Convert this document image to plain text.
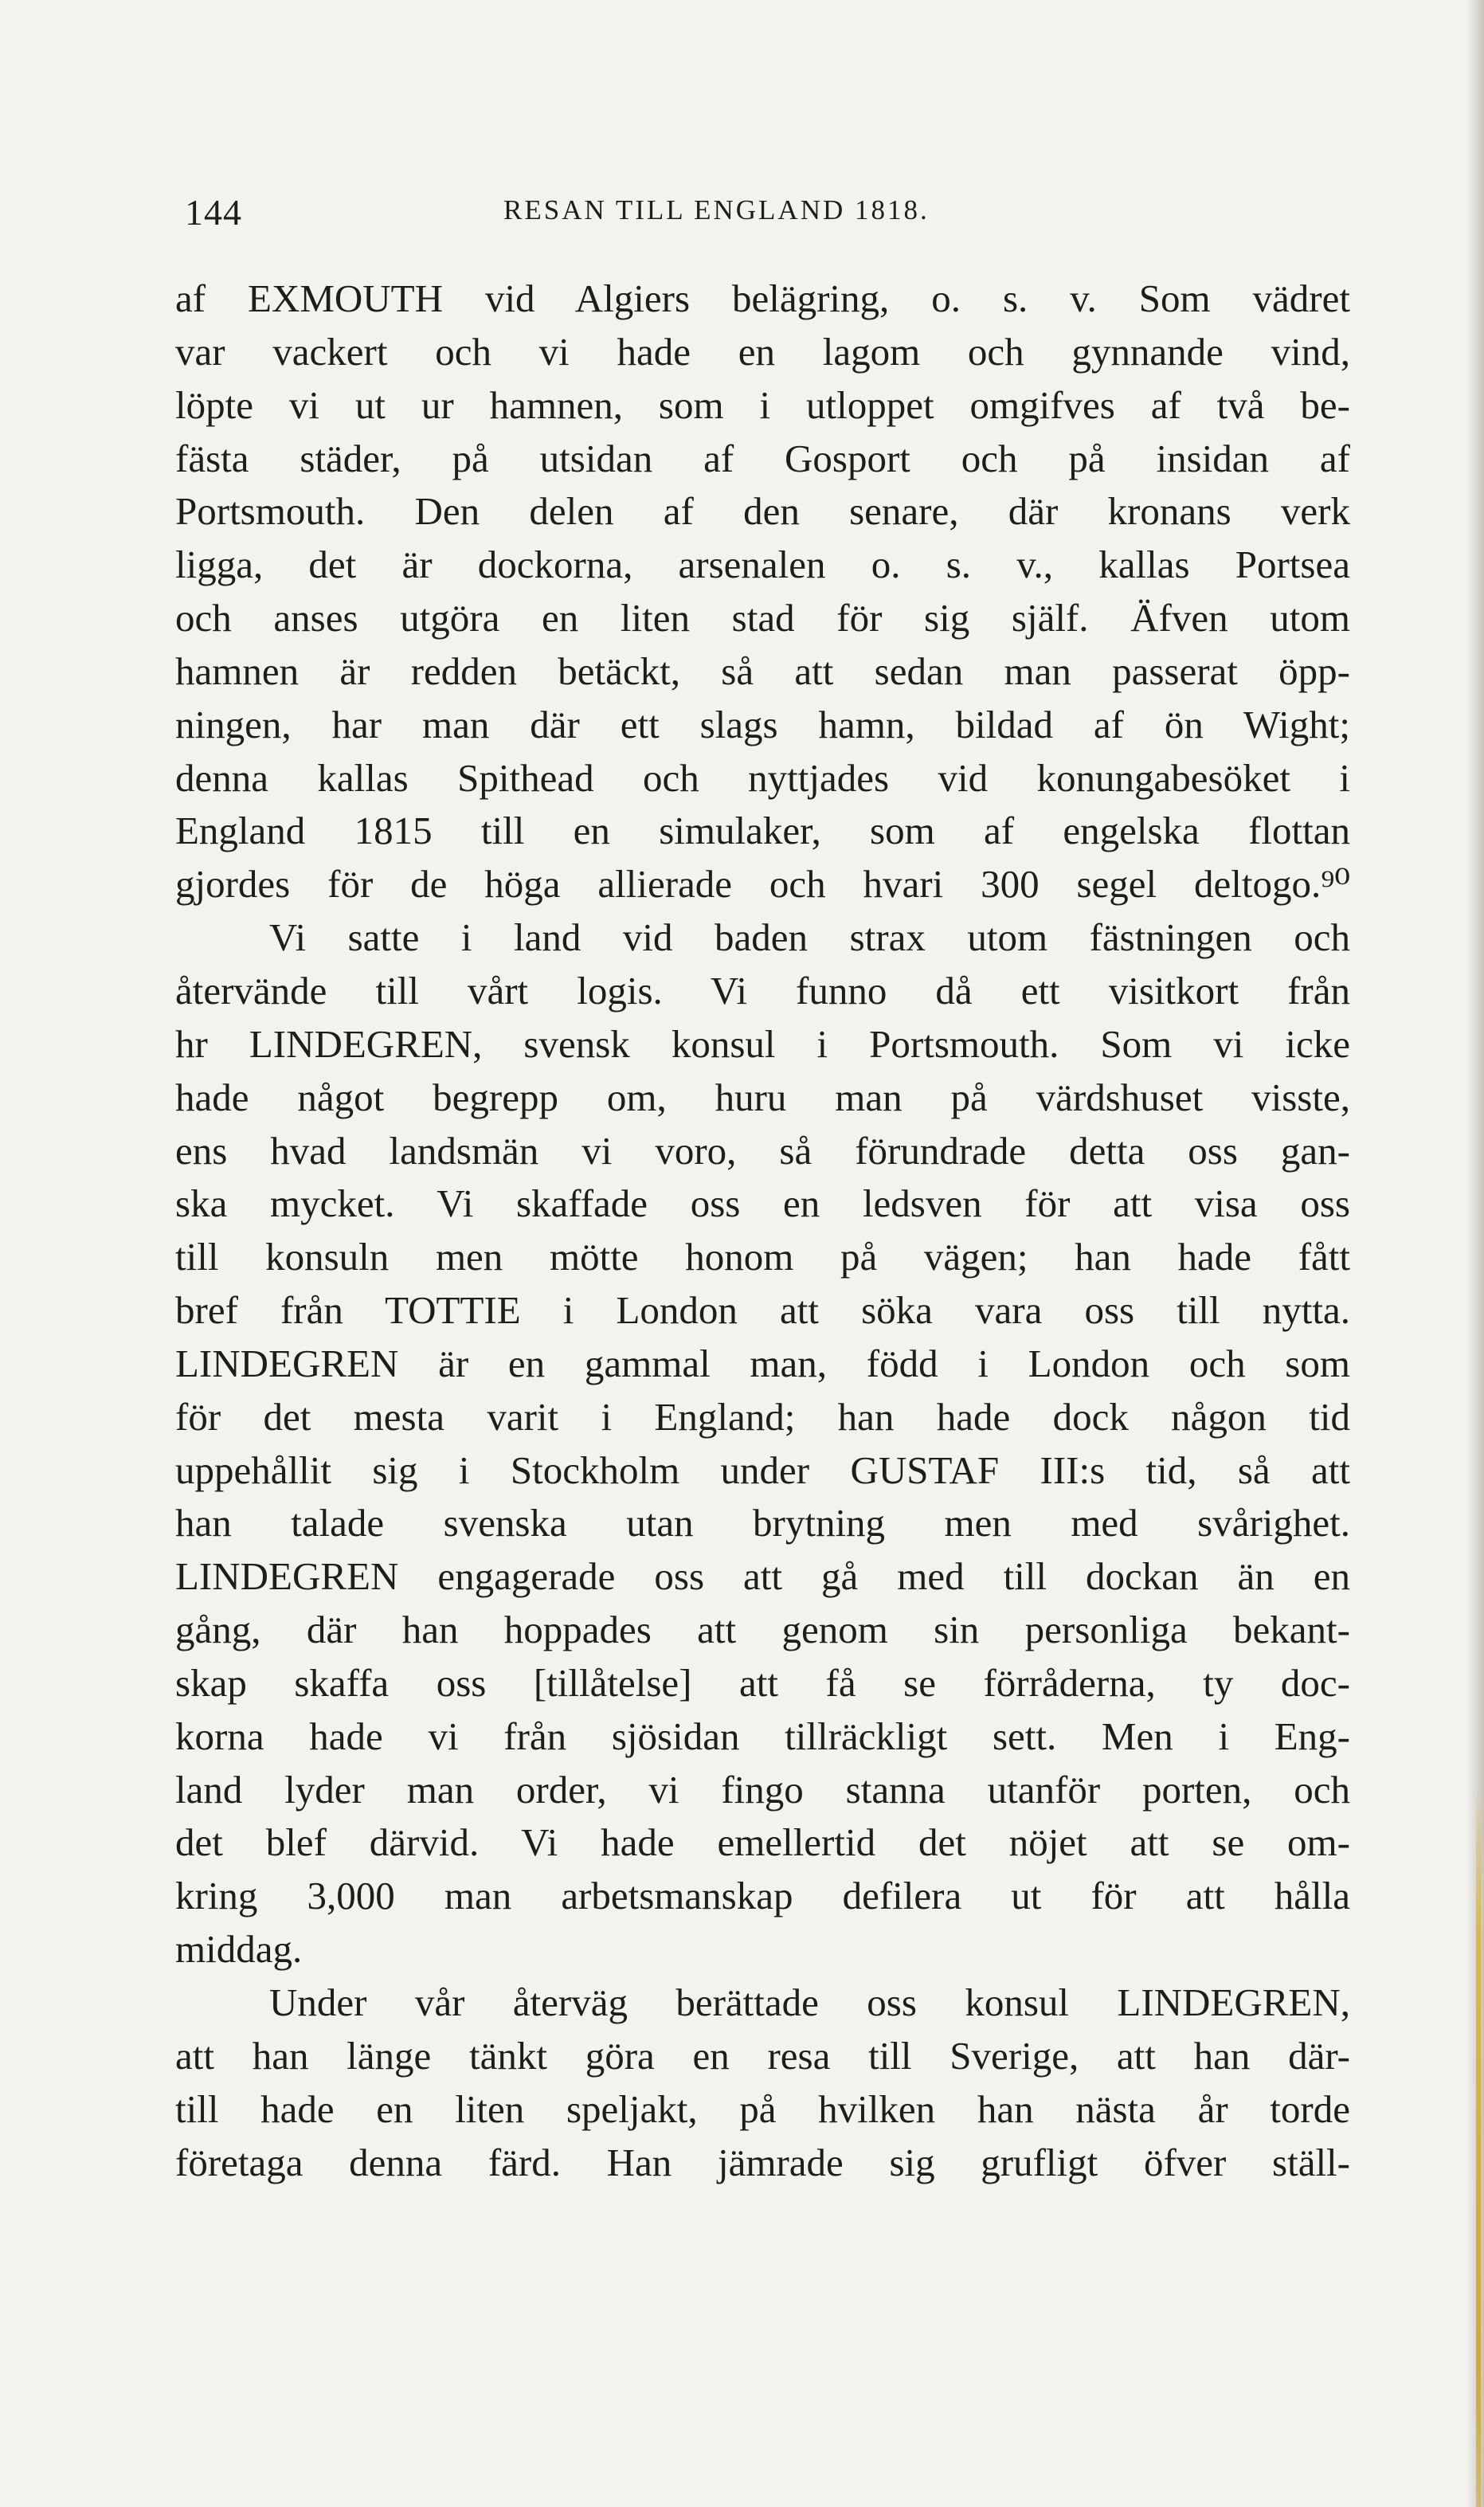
144	RESAN TILL ENGLAND 1818.
af EXMOUTH vid Algiers belägring, o. s. v. Som vädret
var vackert och vi hade en lagom och gynnande vind,
löpte vi ut ur hamnen, som i utloppet omgifves af två be-
fästa städer, på utsidan af Gosport och på insidan af
Portsmouth. Den delen af den senare, där kronans verk
ligga, det är dockorna, arsenalen o. s. v., kallas Portsea
och anses utgöra en liten stad för sig själf. Äfven utom
hamnen är redden betäckt, så att sedan man passerat öpp-
ningen, har man där ett slags hamn, bildad af ön Wight;
denna kallas Spithead och nyttjades vid konungabesöket i
England 1815 till en simulaker, som af engelska flottan
gjordes för de höga allierade och hvari 300 segel deltogo.⁹⁰
Vi satte i land vid baden strax utom fästningen och
återvände till vårt logis. Vi funno då ett visitkort från
hr LINDEGREN, svensk konsul i Portsmouth. Som vi icke
hade något begrepp om, huru man på värdshuset visste,
ens hvad landsmän vi voro, så förundrade detta oss gan-
ska mycket. Vi skaffade oss en ledsven för att visa oss
till konsuln men mötte honom på vägen; han hade fått
bref från TOTTIE i London att söka vara oss till nytta.
LINDEGREN är en gammal man, född i London och som
för det mesta varit i England; han hade dock någon tid
uppehållit sig i Stockholm under GUSTAF III:s tid, så att
han talade svenska utan brytning men med svårighet.
LINDEGREN engagerade oss att gå med till dockan än en
gång, där han hoppades att genom sin personliga bekant-
skap skaffa oss [tillåtelse] att få se förråderna, ty doc-
korna hade vi från sjösidan tillräckligt sett. Men i Eng-
land lyder man order, vi fingo stanna utanför porten, och
det blef därvid. Vi hade emellertid det nöjet att se om-
kring 3,000 man arbetsmanskap defilera ut för att hålla
middag.
Under vår återväg berättade oss konsul LINDEGREN,
att han länge tänkt göra en resa till Sverige, att han där-
till hade en liten speljakt, på hvilken han nästa år torde
företaga denna färd. Han jämrade sig grufligt öfver ställ-
